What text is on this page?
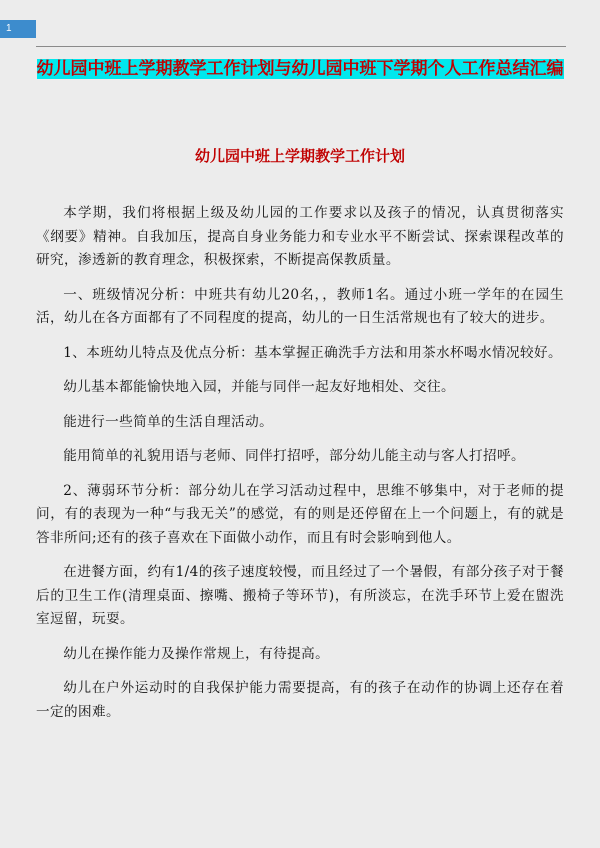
1
幼儿园中班上学期教学工作计划与幼儿园中班下学期个人工作总结汇编
幼儿园中班上学期教学工作计划

本学期，我们将根据上级及幼儿园的工作要求以及孩子的情况，认真贯彻落实《纲要》精神。自我加压，提高自身业务能力和专业水平不断尝试、探索课程改革的研究，渗透新的教育理念，积极探索，不断提高保教质量。

一、班级情况分析：中班共有幼儿20名，，教师1名。通过小班一学年的在园生活，幼儿在各方面都有了不同程度的提高，幼儿的一日生活常规也有了较大的进步。

1、本班幼儿特点及优点分析：基本掌握正确洗手方法和用茶水杯喝水情况较好。

幼儿基本都能愉快地入园，并能与同伴一起友好地相处、交往。

能进行一些简单的生活自理活动。

能用简单的礼貌用语与老师、同伴打招呼，部分幼儿能主动与客人打招呼。

2、薄弱环节分析：部分幼儿在学习活动过程中，思维不够集中，对于老师的提问，有的表现为一种“与我无关”的感觉，有的则是还停留在上一个问题上，有的就是答非所问;还有的孩子喜欢在下面做小动作，而且有时会影响到他人。

在进餐方面，约有1/4的孩子速度较慢，而且经过了一个暑假，有部分孩子对于餐后的卫生工作(清理桌面、擦嘴、搬椅子等环节)，有所淡忘，在洗手环节上爱在盥洗室逗留，玩耍。

幼儿在操作能力及操作常规上，有待提高。

幼儿在户外运动时的自我保护能力需要提高，有的孩子在动作的协调上还存在着一定的困难。
